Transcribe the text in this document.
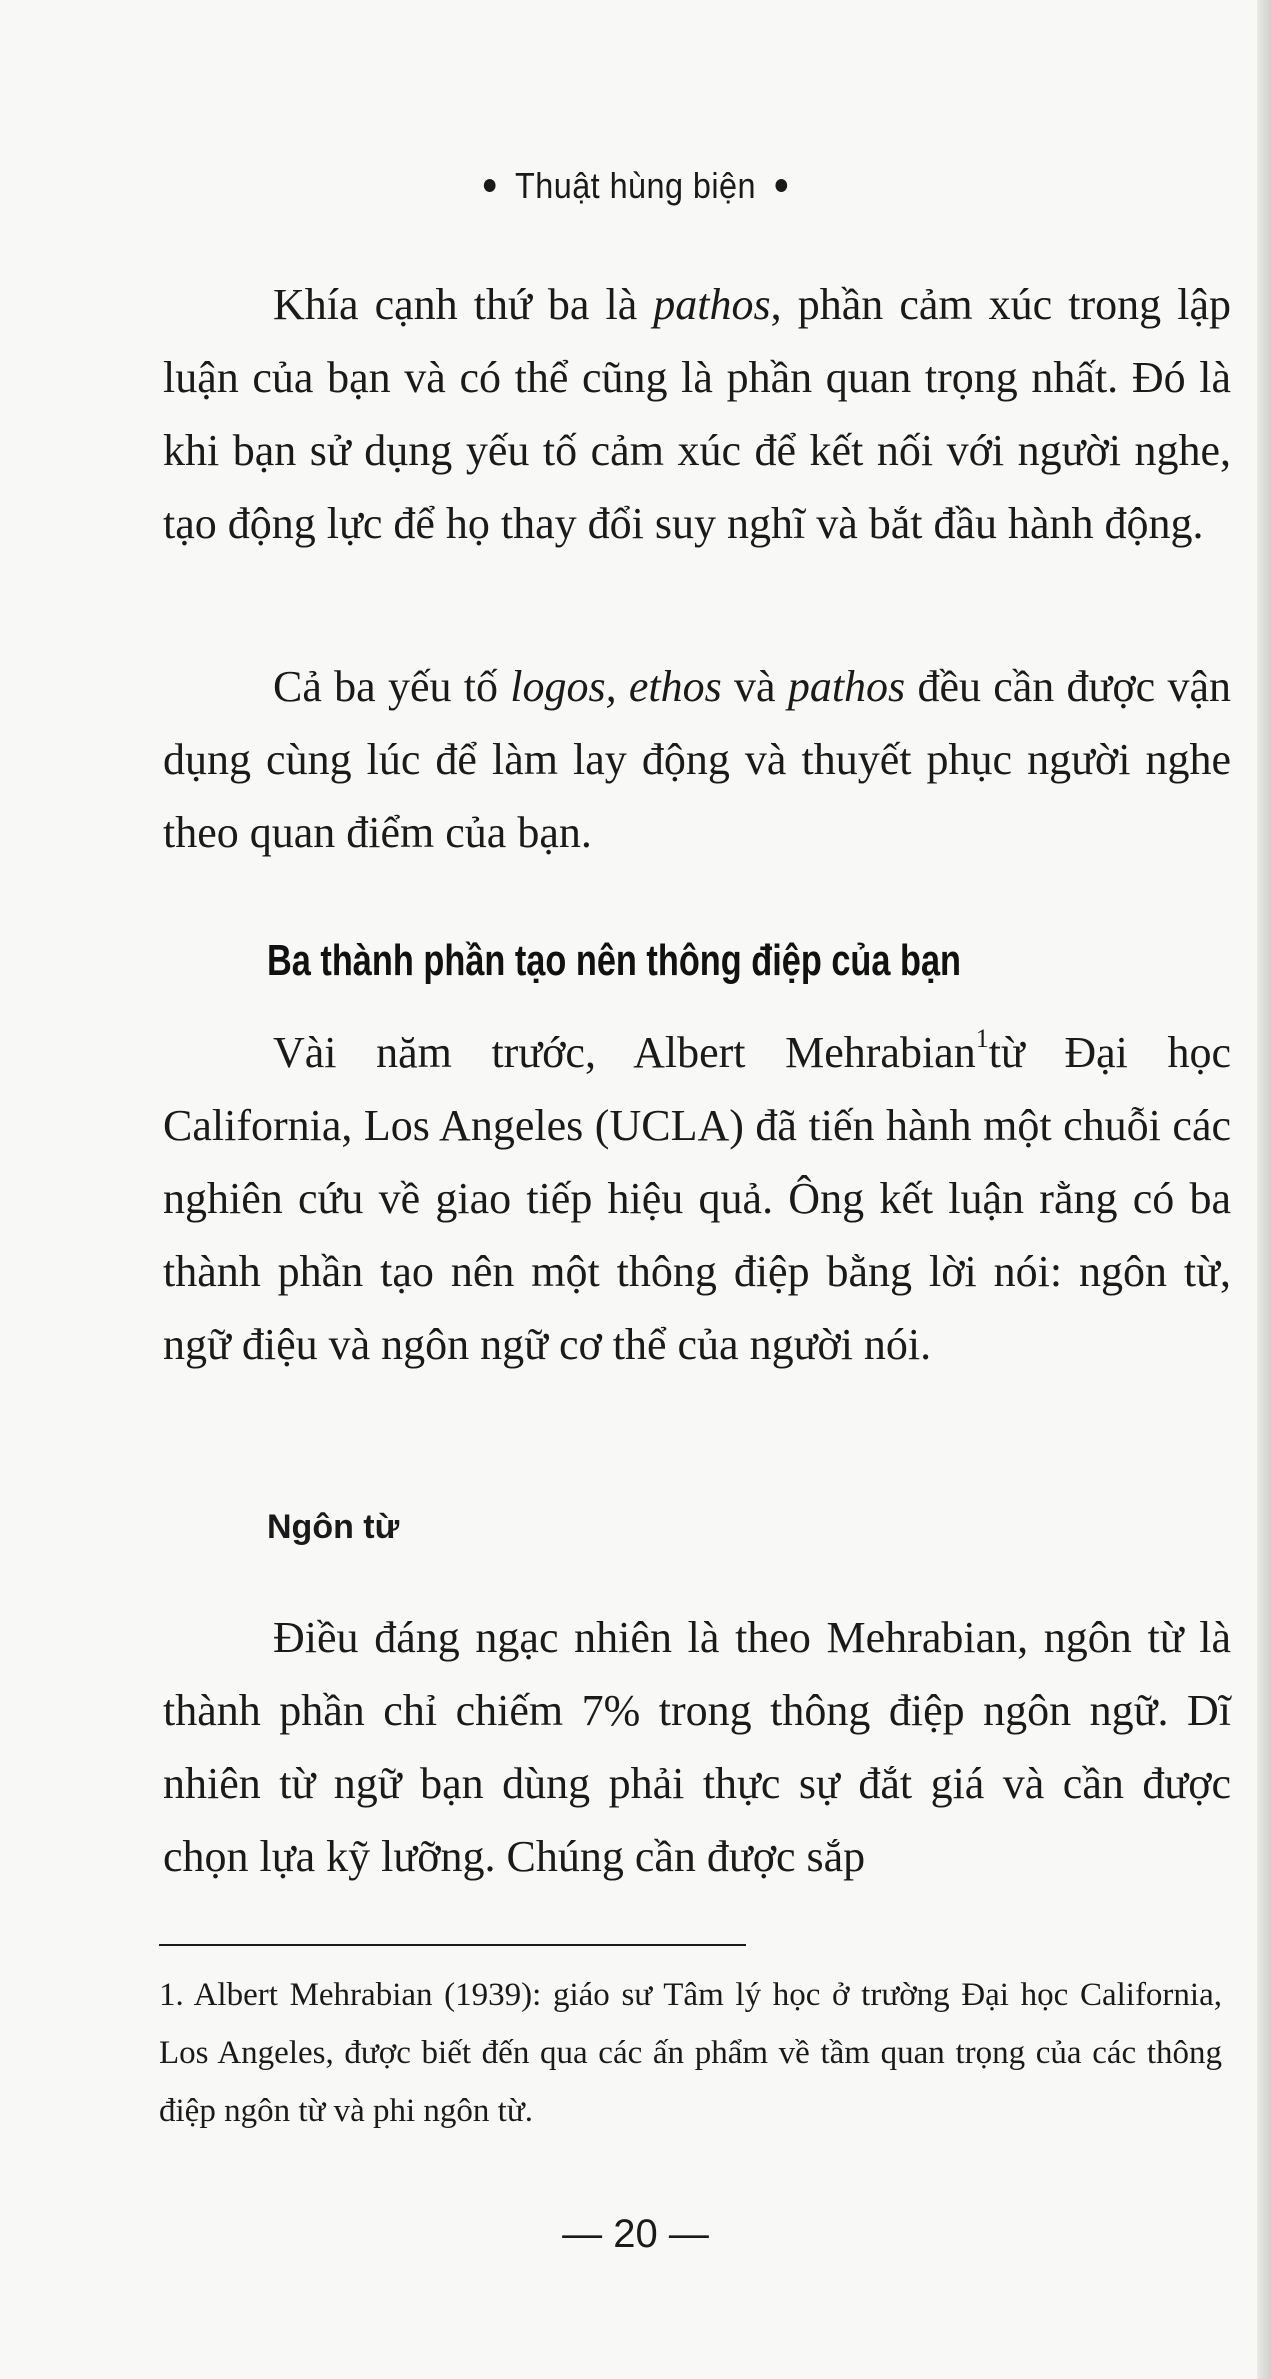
Thuật hùng biện

Khía cạnh thứ ba là pathos, phần cảm xúc trong lập luận của bạn và có thể cũng là phần quan trọng nhất. Đó là khi bạn sử dụng yếu tố cảm xúc để kết nối với người nghe, tạo động lực để họ thay đổi suy nghĩ và bắt đầu hành động.

Cả ba yếu tố logos, ethos và pathos đều cần được vận dụng cùng lúc để làm lay động và thuyết phục người nghe theo quan điểm của bạn.

Ba thành phần tạo nên thông điệp của bạn

Vài năm trước, Albert Mehrabian$^1$từ Đại học California, Los Angeles (UCLA) đã tiến hành một chuỗi các nghiên cứu về giao tiếp hiệu quả. Ông kết luận rằng có ba thành phần tạo nên một thông điệp bằng lời nói: ngôn từ, ngữ điệu và ngôn ngữ cơ thể của người nói.

Ngôn từ

Điều đáng ngạc nhiên là theo Mehrabian, ngôn từ là thành phần chỉ chiếm 7% trong thông điệp ngôn ngữ. Dĩ nhiên từ ngữ bạn dùng phải thực sự đắt giá và cần được chọn lựa kỹ lưỡng. Chúng cần được sắp

1. Albert Mehrabian (1939): giáo sư Tâm lý học ở trường Đại học California, Los Angeles, được biết đến qua các ấn phẩm về tầm quan trọng của các thông điệp ngôn từ và phi ngôn từ.
— 20 —
